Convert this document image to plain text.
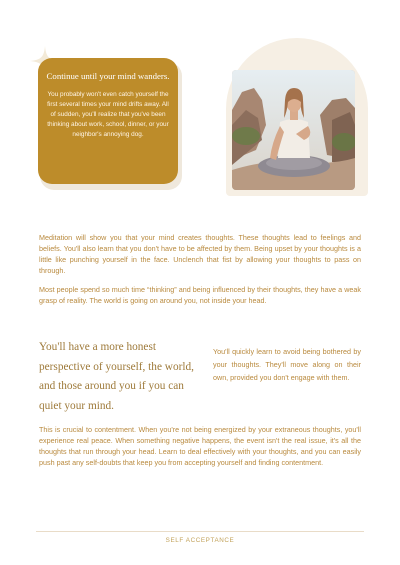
Continue until your mind wanders.

You probably won't even catch yourself the first several times your mind drifts away. All of sudden, you'll realize that you've been thinking about work, school, dinner, or your neighbor's annoying dog.

Meditation will show you that your mind creates thoughts. These thoughts lead to feelings and beliefs. You'll also learn that you don't have to be affected by them. Being upset by your thoughts is a little like punching yourself in the face. Unclench that fist by allowing your thoughts to pass on through.

Most people spend so much time “thinking” and being influenced by their thoughts, they have a weak grasp of reality. The world is going on around you, not inside your head.

You'll have a more honest perspective of yourself, the world, and those around you if you can quiet your mind.

You'll quickly learn to avoid being bothered by your thoughts. They'll move along on their own, provided you don't engage with them.

This is crucial to contentment. When you're not being energized by your extraneous thoughts, you'll experience real peace. When something negative happens, the event isn't the real issue, it's all the thoughts that run through your head. Learn to deal effectively with your thoughts, and you can easily push past any self-doubts that keep you from accepting yourself and finding contentment.

SELF ACCEPTANCE
